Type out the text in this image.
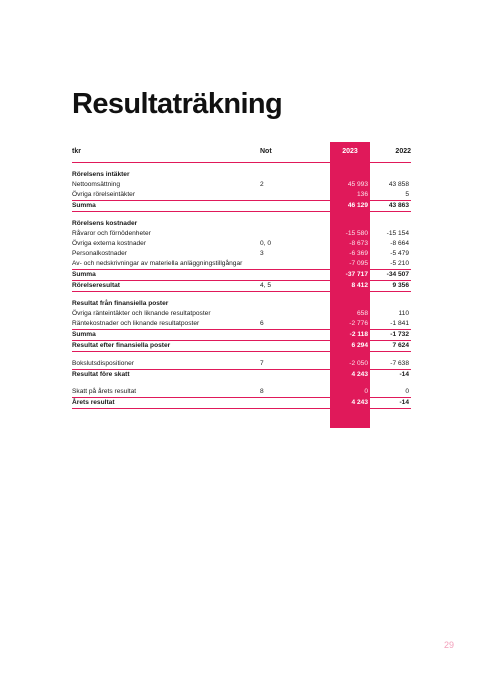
Resultaträkning
tkr	Not		2023		2022

Rörelsens intäkter					
Nettoomsättning	2		45 993		43 858
Övriga rörelseintäkter			136		5
Summa			46 129		43 863

Rörelsens kostnader					
Råvaror och förnödenheter			-15 580		-15 154
Övriga externa kostnader	0, 0		-8 673		-8 664
Personalkostnader	3		-6 369		-5 479
Av- och nedskrivningar av materiella anläggningstillgångar			-7 095		-5 210
Summa			-37 717		-34 507
Rörelseresultat	4, 5		8 412		9 356

Resultat från finansiella poster					
Övriga ränteintäkter och liknande resultatposter			658		110
Räntekostnader och liknande resultatposter	6		-2 776		-1 841
Summa			-2 118		-1 732
Resultat efter finansiella poster			6 294		7 624

Bokslutsdispositioner	7		-2 050		-7 638
Resultat före skatt			4 243		-14

Skatt på årets resultat	8		0		0
Årets resultat			4 243		-14
29
